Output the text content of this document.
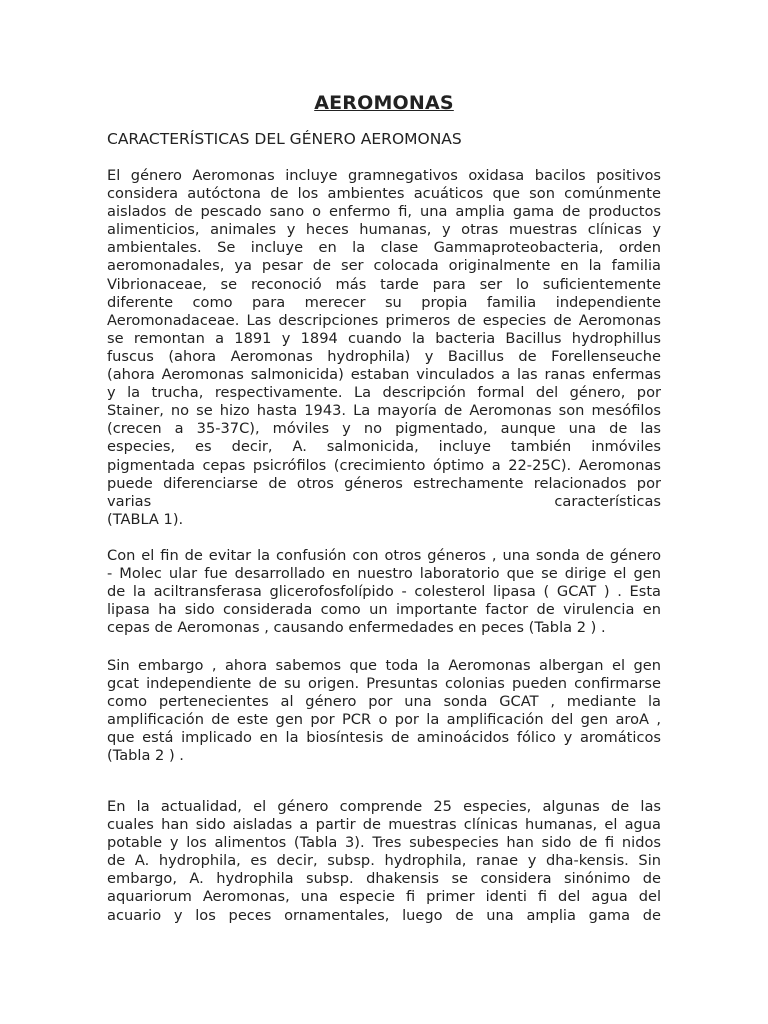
AEROMONAS
CARACTERÍSTICAS DEL GÉNERO AEROMONAS
El género Aeromonas incluye gramnegativos oxidasa bacilos positivos
considera autóctona de los ambientes acuáticos que son comúnmente
aislados de pescado sano o enfermo fi, una amplia gama de productos
alimenticios, animales y heces humanas, y otras muestras clínicas y
ambientales. Se incluye en la clase Gammaproteobacteria, orden
aeromonadales, ya pesar de ser colocada originalmente en la familia
Vibrionaceae, se reconoció más tarde para ser lo suficientemente
diferente como para merecer su propia familia independiente
Aeromonadaceae. Las descripciones primeros de especies de Aeromonas
se remontan a 1891 y 1894 cuando la bacteria Bacillus hydrophillus
fuscus (ahora Aeromonas hydrophila) y Bacillus de Forellenseuche
(ahora Aeromonas salmonicida) estaban vinculados a las ranas enfermas
y la trucha, respectivamente. La descripción formal del género, por
Stainer, no se hizo hasta 1943. La mayoría de Aeromonas son mesófilos
(crecen a 35-37C), móviles y no pigmentado, aunque una de las
especies, es decir, A. salmonicida, incluye también inmóviles
pigmentada cepas psicrófilos (crecimiento óptimo a 22-25C). Aeromonas
puede diferenciarse de otros géneros estrechamente relacionados por
varias características
(TABLA 1).
Con el fin de evitar la confusión con otros géneros , una sonda de género
- Molec ular fue desarrollado en nuestro laboratorio que se dirige el gen
de la aciltransferasa glicerofosfolípido - colesterol lipasa ( GCAT ) . Esta
lipasa ha sido considerada como un importante factor de virulencia en
cepas de Aeromonas , causando enfermedades en peces (Tabla 2 ) .
Sin embargo , ahora sabemos que toda la Aeromonas albergan el gen
gcat independiente de su origen. Presuntas colonias pueden confirmarse
como pertenecientes al género por una sonda GCAT , mediante la
amplificación de este gen por PCR o por la amplificación del gen aroA ,
que está implicado en la biosíntesis de aminoácidos fólico y aromáticos
(Tabla 2 ) .
En la actualidad, el género comprende 25 especies, algunas de las
cuales han sido aisladas a partir de muestras clínicas humanas, el agua
potable y los alimentos (Tabla 3). Tres subespecies han sido de fi nidos
de A. hydrophila, es decir, subsp. hydrophila, ranae y dha-kensis. Sin
embargo, A. hydrophila subsp. dhakensis se considera sinónimo de
aquariorum Aeromonas, una especie fi primer identi fi del agua del
acuario y los peces ornamentales, luego de una amplia gama de
